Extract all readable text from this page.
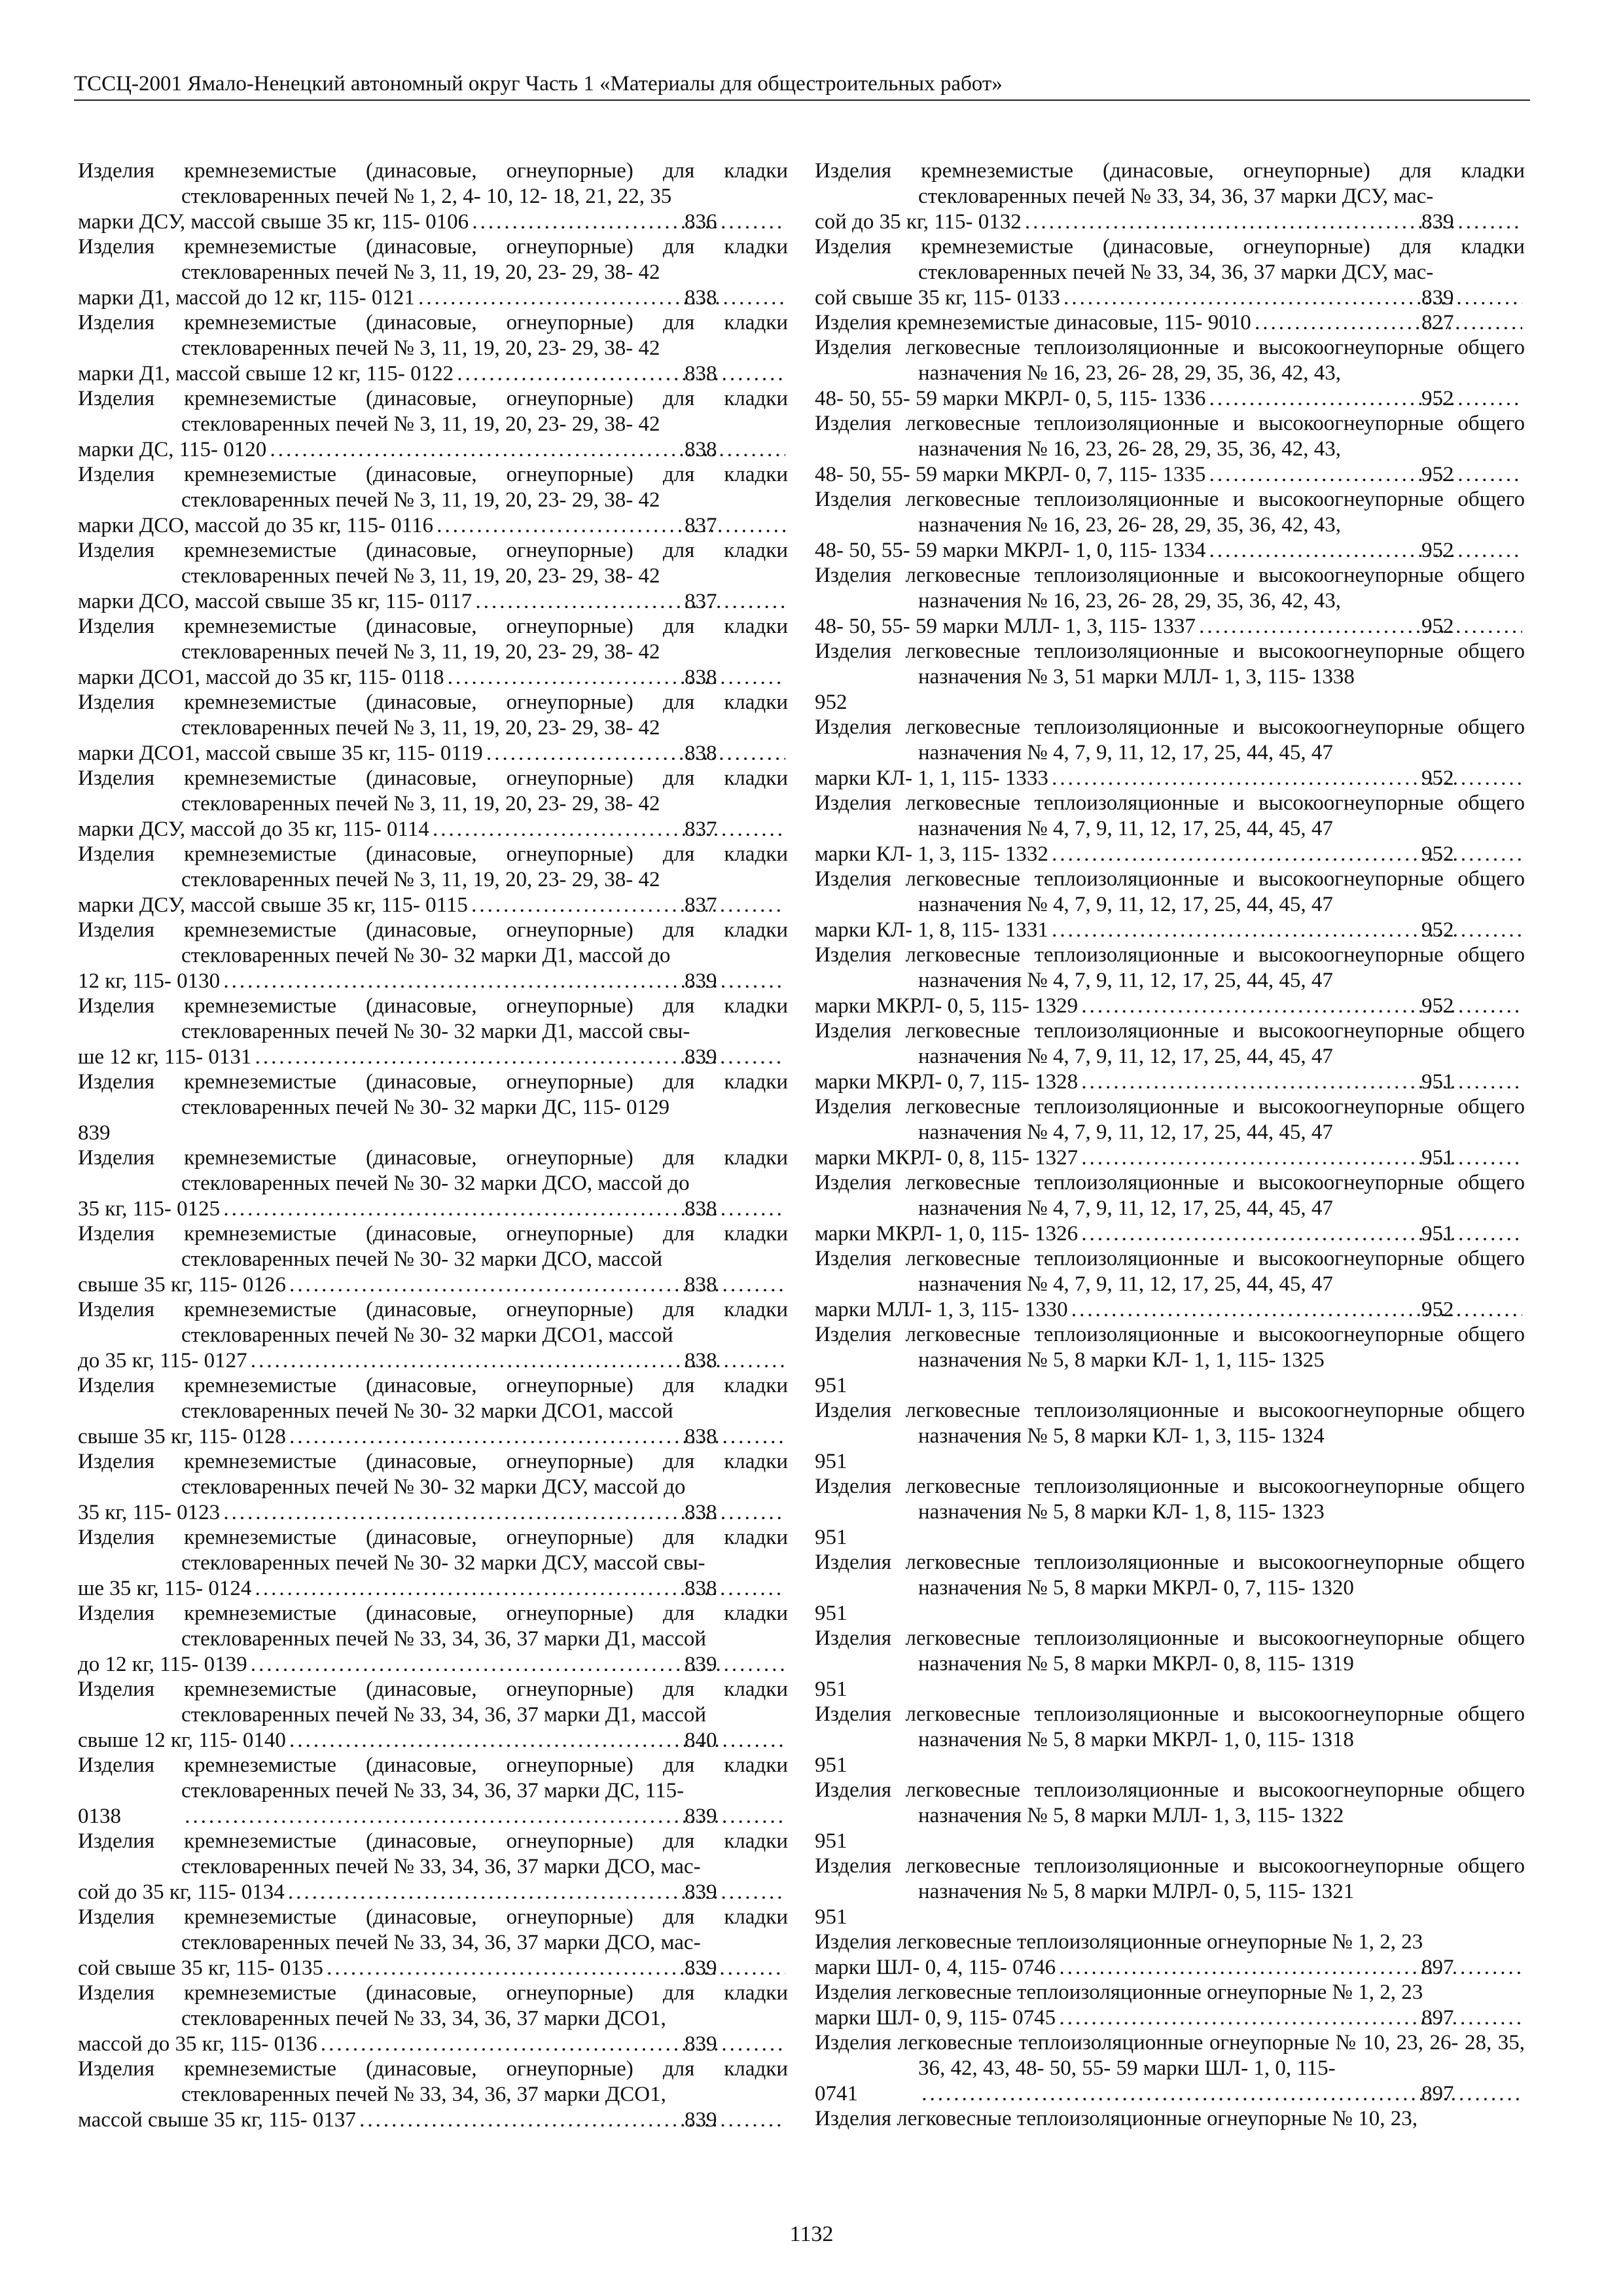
ТССЦ-2001 Ямало-Ненецкий автономный округ Часть 1 «Материалы для общестроительных работ»
Изделия кремнеземистые (динасовые, огнеупорные) для кладки стекловаренных печей № 1, 2, 4- 10, 12- 18, 21, 22, 35
марки ДСУ, массой свыше 35 кг, 115- 0106 .....	836
Изделия кремнеземистые (динасовые, огнеупорные) для кладки стекловаренных печей № 3, 11, 19, 20, 23- 29, 38- 42
марки Д1, массой до 12 кг, 115- 0121 .....	838
Изделия кремнеземистые (динасовые, огнеупорные) для кладки стекловаренных печей № 3, 11, 19, 20, 23- 29, 38- 42
марки Д1, массой свыше 12 кг, 115- 0122 .....	838
Изделия кремнеземистые (динасовые, огнеупорные) для кладки стекловаренных печей № 3, 11, 19, 20, 23- 29, 38- 42
марки ДС, 115- 0120 .....	838
Изделия кремнеземистые (динасовые, огнеупорные) для кладки стекловаренных печей № 3, 11, 19, 20, 23- 29, 38- 42
марки ДСО, массой до 35 кг, 115- 0116 .....	837
Изделия кремнеземистые (динасовые, огнеупорные) для кладки стекловаренных печей № 3, 11, 19, 20, 23- 29, 38- 42
марки ДСО, массой свыше 35 кг, 115- 0117 .....	837
Изделия кремнеземистые (динасовые, огнеупорные) для кладки стекловаренных печей № 3, 11, 19, 20, 23- 29, 38- 42
марки ДСО1, массой до 35 кг, 115- 0118 .....	838
Изделия кремнеземистые (динасовые, огнеупорные) для кладки стекловаренных печей № 3, 11, 19, 20, 23- 29, 38- 42
марки ДСО1, массой свыше 35 кг, 115- 0119 .....	838
Изделия кремнеземистые (динасовые, огнеупорные) для кладки стекловаренных печей № 3, 11, 19, 20, 23- 29, 38- 42
марки ДСУ, массой до 35 кг, 115- 0114 .....	837
Изделия кремнеземистые (динасовые, огнеупорные) для кладки стекловаренных печей № 3, 11, 19, 20, 23- 29, 38- 42
марки ДСУ, массой свыше 35 кг, 115- 0115 .....	837
Изделия кремнеземистые (динасовые, огнеупорные) для кладки стекловаренных печей № 30- 32 марки Д1, массой до
12 кг, 115- 0130 .....	839
Изделия кремнеземистые (динасовые, огнеупорные) для кладки стекловаренных печей № 30- 32 марки Д1, массой свы-
ше 12 кг, 115- 0131 .....	839
Изделия кремнеземистые (динасовые, огнеупорные) для кладки стекловаренных печей № 30- 32 марки ДС, 115- 0129
839
Изделия кремнеземистые (динасовые, огнеупорные) для кладки стекловаренных печей № 30- 32 марки ДСО, массой до
35 кг, 115- 0125 .....	838
Изделия кремнеземистые (динасовые, огнеупорные) для кладки стекловаренных печей № 30- 32 марки ДСО, массой
свыше 35 кг, 115- 0126 .....	838
Изделия кремнеземистые (динасовые, огнеупорные) для кладки стекловаренных печей № 30- 32 марки ДСО1, массой
до 35 кг, 115- 0127 .....	838
Изделия кремнеземистые (динасовые, огнеупорные) для кладки стекловаренных печей № 30- 32 марки ДСО1, массой
свыше 35 кг, 115- 0128 .....	838
Изделия кремнеземистые (динасовые, огнеупорные) для кладки стекловаренных печей № 30- 32 марки ДСУ, массой до
35 кг, 115- 0123 .....	838
Изделия кремнеземистые (динасовые, огнеупорные) для кладки стекловаренных печей № 30- 32 марки ДСУ, массой свы-
ше 35 кг, 115- 0124 .....	838
Изделия кремнеземистые (динасовые, огнеупорные) для кладки стекловаренных печей № 33, 34, 36, 37 марки Д1, массой
до 12 кг, 115- 0139 .....	839
Изделия кремнеземистые (динасовые, огнеупорные) для кладки стекловаренных печей № 33, 34, 36, 37 марки Д1, массой
свыше 12 кг, 115- 0140 .....	840
Изделия кремнеземистые (динасовые, огнеупорные) для кладки стекловаренных печей № 33, 34, 36, 37 марки ДС, 115-
0138 .....	839
Изделия кремнеземистые (динасовые, огнеупорные) для кладки стекловаренных печей № 33, 34, 36, 37 марки ДСО, мас-
сой до 35 кг, 115- 0134 .....	839
Изделия кремнеземистые (динасовые, огнеупорные) для кладки стекловаренных печей № 33, 34, 36, 37 марки ДСО, мас-
сой свыше 35 кг, 115- 0135 .....	839
Изделия кремнеземистые (динасовые, огнеупорные) для кладки стекловаренных печей № 33, 34, 36, 37 марки ДСО1,
массой до 35 кг, 115- 0136 .....	839
Изделия кремнеземистые (динасовые, огнеупорные) для кладки стекловаренных печей № 33, 34, 36, 37 марки ДСО1,
массой свыше 35 кг, 115- 0137 .....	839
Изделия кремнеземистые (динасовые, огнеупорные) для кладки стекловаренных печей № 33, 34, 36, 37 марки ДСУ, мас-
сой до 35 кг, 115- 0132 .....	839
Изделия кремнеземистые (динасовые, огнеупорные) для кладки стекловаренных печей № 33, 34, 36, 37 марки ДСУ, мас-
сой свыше 35 кг, 115- 0133 .....	839
Изделия кремнеземистые динасовые, 115- 9010 .....	827
Изделия легковесные теплоизоляционные и высокоогнеупорные общего назначения № 16, 23, 26- 28, 29, 35, 36, 42, 43,
48- 50, 55- 59 марки МКРЛ- 0, 5, 115- 1336 .....	952
Изделия легковесные теплоизоляционные и высокоогнеупорные общего назначения № 16, 23, 26- 28, 29, 35, 36, 42, 43,
48- 50, 55- 59 марки МКРЛ- 0, 7, 115- 1335 .....	952
Изделия легковесные теплоизоляционные и высокоогнеупорные общего назначения № 16, 23, 26- 28, 29, 35, 36, 42, 43,
48- 50, 55- 59 марки МКРЛ- 1, 0, 115- 1334 .....	952
Изделия легковесные теплоизоляционные и высокоогнеупорные общего назначения № 16, 23, 26- 28, 29, 35, 36, 42, 43,
48- 50, 55- 59 марки МЛЛ- 1, 3, 115- 1337 .....	952
Изделия легковесные теплоизоляционные и высокоогнеупорные общего назначения № 3, 51 марки МЛЛ- 1, 3, 115- 1338
952
Изделия легковесные теплоизоляционные и высокоогнеупорные общего назначения № 4, 7, 9, 11, 12, 17, 25, 44, 45, 47
марки КЛ- 1, 1, 115- 1333 .....	952
Изделия легковесные теплоизоляционные и высокоогнеупорные общего назначения № 4, 7, 9, 11, 12, 17, 25, 44, 45, 47
марки КЛ- 1, 3, 115- 1332 .....	952
Изделия легковесные теплоизоляционные и высокоогнеупорные общего назначения № 4, 7, 9, 11, 12, 17, 25, 44, 45, 47
марки КЛ- 1, 8, 115- 1331 .....	952
Изделия легковесные теплоизоляционные и высокоогнеупорные общего назначения № 4, 7, 9, 11, 12, 17, 25, 44, 45, 47
марки МКРЛ- 0, 5, 115- 1329 .....	952
Изделия легковесные теплоизоляционные и высокоогнеупорные общего назначения № 4, 7, 9, 11, 12, 17, 25, 44, 45, 47
марки МКРЛ- 0, 7, 115- 1328 .....	951
Изделия легковесные теплоизоляционные и высокоогнеупорные общего назначения № 4, 7, 9, 11, 12, 17, 25, 44, 45, 47
марки МКРЛ- 0, 8, 115- 1327 .....	951
Изделия легковесные теплоизоляционные и высокоогнеупорные общего назначения № 4, 7, 9, 11, 12, 17, 25, 44, 45, 47
марки МКРЛ- 1, 0, 115- 1326 .....	951
Изделия легковесные теплоизоляционные и высокоогнеупорные общего назначения № 4, 7, 9, 11, 12, 17, 25, 44, 45, 47
марки МЛЛ- 1, 3, 115- 1330 .....	952
Изделия легковесные теплоизоляционные и высокоогнеупорные общего назначения № 5, 8 марки КЛ- 1, 1, 115- 1325
951
Изделия легковесные теплоизоляционные и высокоогнеупорные общего назначения № 5, 8 марки КЛ- 1, 3, 115- 1324
951
Изделия легковесные теплоизоляционные и высокоогнеупорные общего назначения № 5, 8 марки КЛ- 1, 8, 115- 1323
951
Изделия легковесные теплоизоляционные и высокоогнеупорные общего назначения № 5, 8 марки МКРЛ- 0, 7, 115- 1320
951
Изделия легковесные теплоизоляционные и высокоогнеупорные общего назначения № 5, 8 марки МКРЛ- 0, 8, 115- 1319
951
Изделия легковесные теплоизоляционные и высокоогнеупорные общего назначения № 5, 8 марки МКРЛ- 1, 0, 115- 1318
951
Изделия легковесные теплоизоляционные и высокоогнеупорные общего назначения № 5, 8 марки МЛЛ- 1, 3, 115- 1322
951
Изделия легковесные теплоизоляционные и высокоогнеупорные общего назначения № 5, 8 марки МЛРЛ- 0, 5, 115- 1321
951
Изделия легковесные теплоизоляционные огнеупорные № 1, 2, 23
марки ШЛ- 0, 4, 115- 0746 .....	897
Изделия легковесные теплоизоляционные огнеупорные № 1, 2, 23
марки ШЛ- 0, 9, 115- 0745 .....	897
Изделия легковесные теплоизоляционные огнеупорные № 10, 23, 26- 28, 35, 36, 42, 43, 48- 50, 55- 59 марки ШЛ- 1, 0, 115-
0741 .....	897
Изделия легковесные теплоизоляционные огнеупорные № 10, 23,
1132
